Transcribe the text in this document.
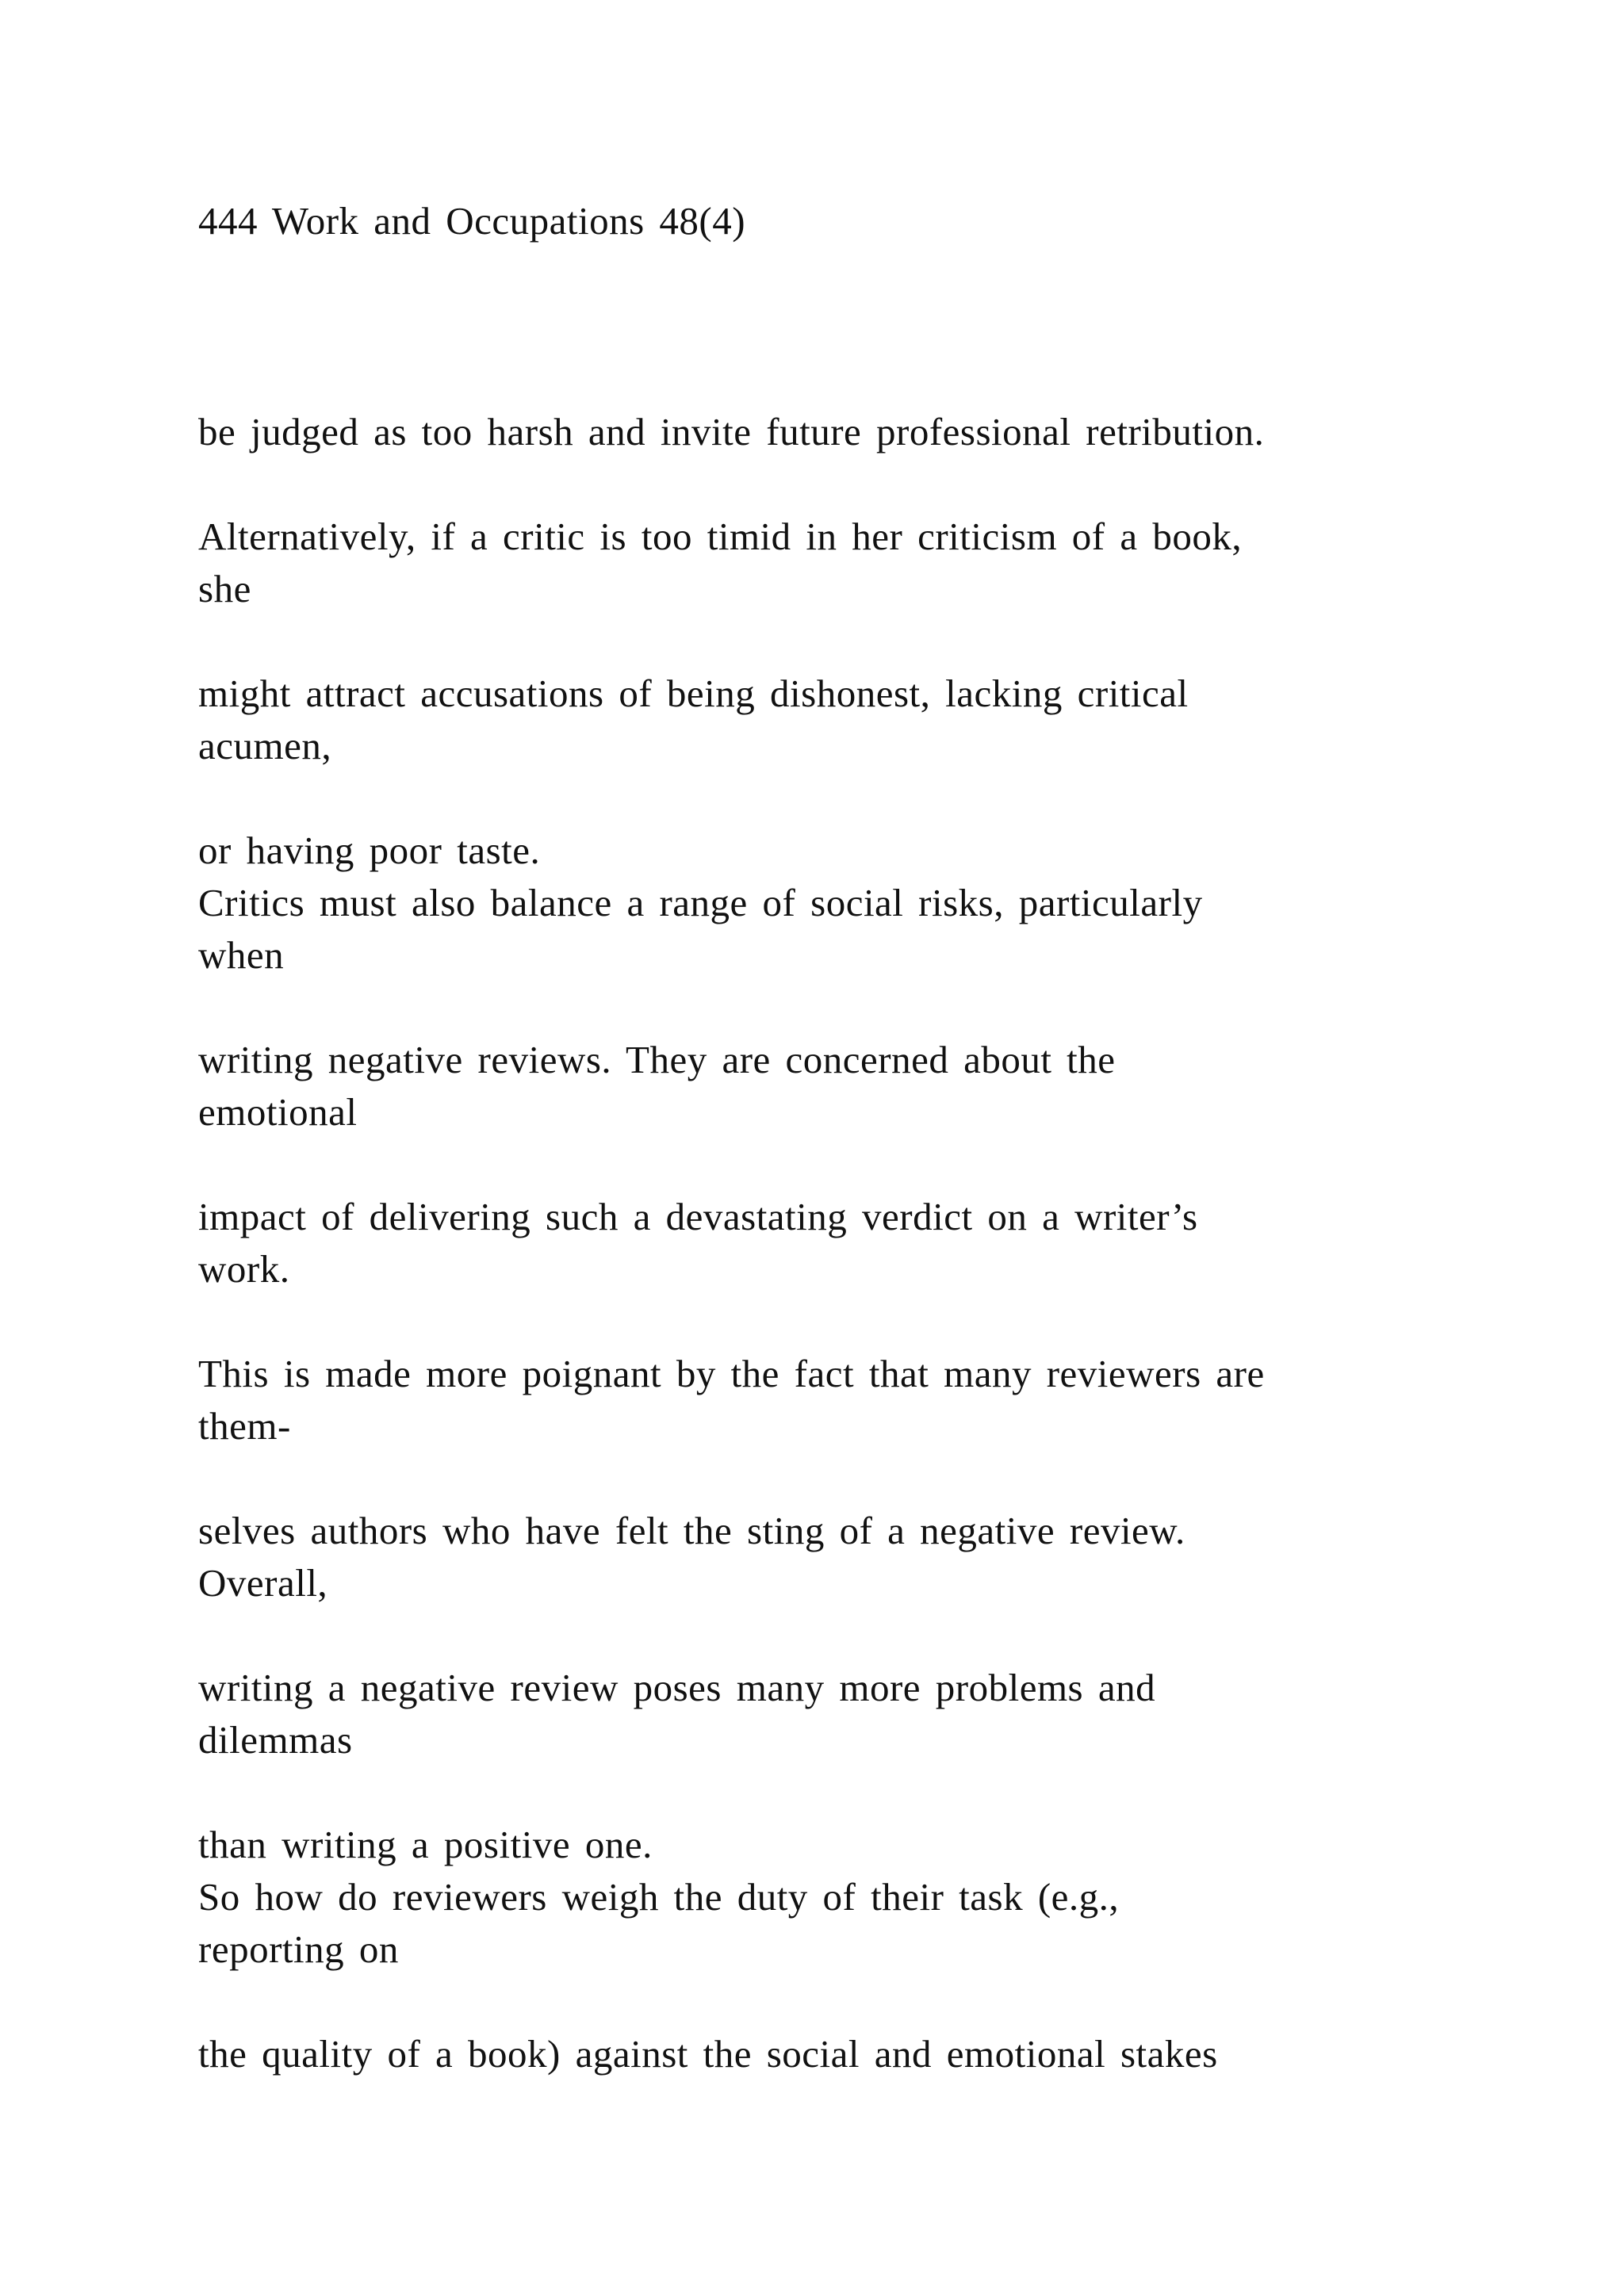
444 Work and Occupations 48(4)
be judged as too harsh and invite future professional retribution.
Alternatively, if a critic is too timid in her criticism of a book,
she
might attract accusations of being dishonest, lacking critical
acumen,
or having poor taste.
Critics must also balance a range of social risks, particularly
when
writing negative reviews. They are concerned about the
emotional
impact of delivering such a devastating verdict on a writer’s
work.
This is made more poignant by the fact that many reviewers are
them-
selves authors who have felt the sting of a negative review.
Overall,
writing a negative review poses many more problems and
dilemmas
than writing a positive one.
So how do reviewers weigh the duty of their task (e.g.,
reporting on
the quality of a book) against the social and emotional stakes
